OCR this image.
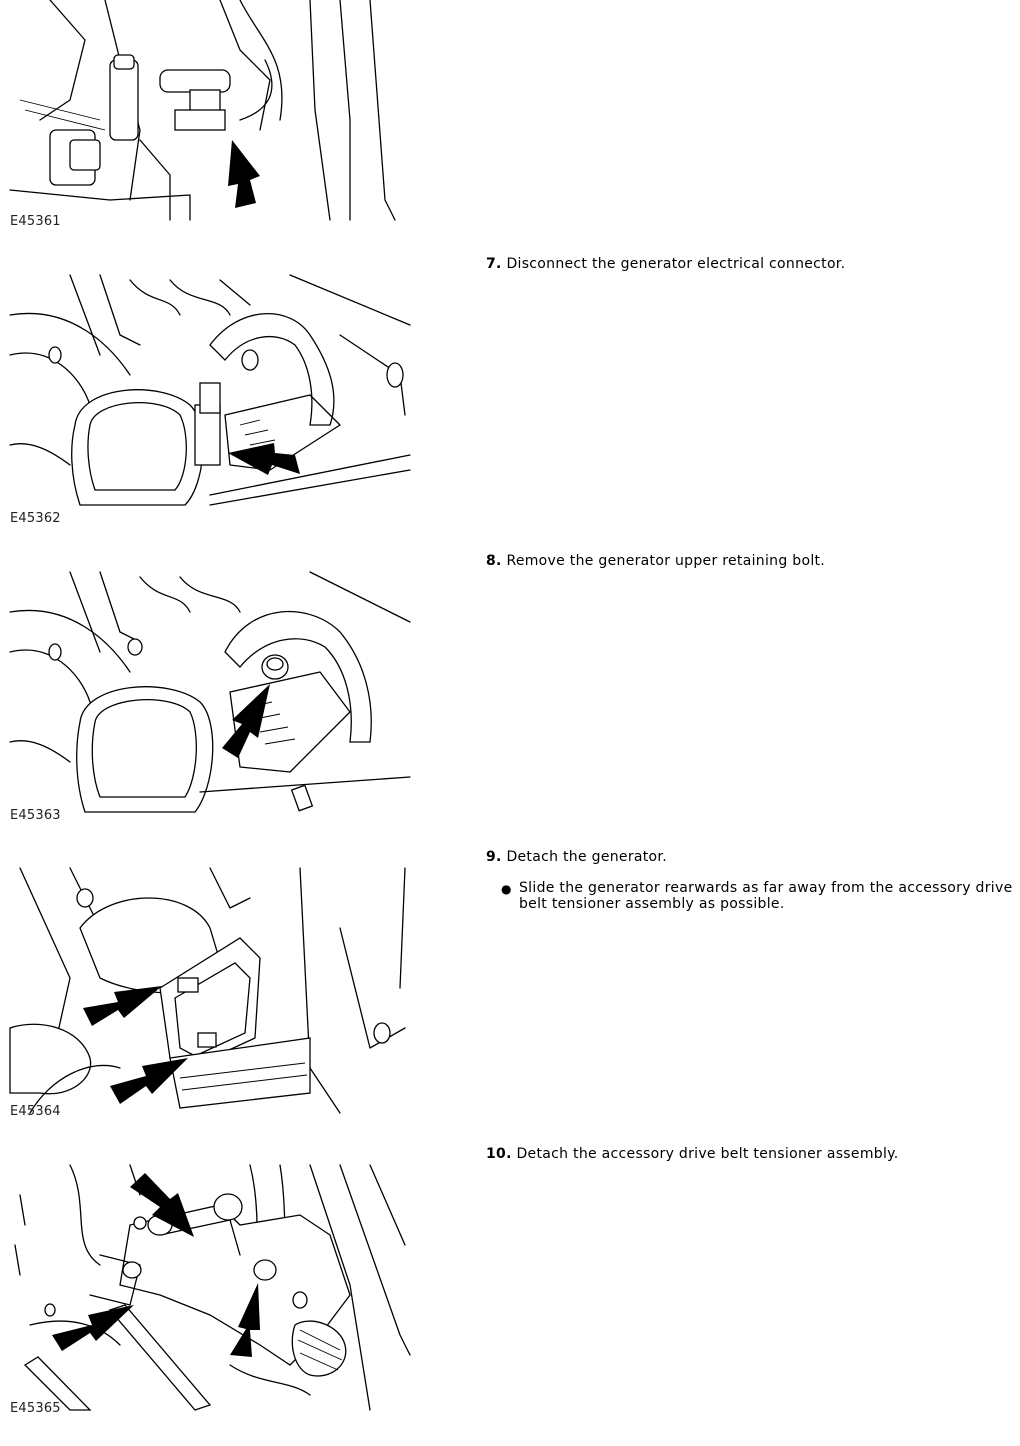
E45361
E45362
E45363
E45364
E45365
7. Disconnect the generator electrical connector.
8. Remove the generator upper retaining bolt.
9. Detach the generator.
● Slide the generator rearwards as far away from the accessory drive belt tensioner assembly as possible.
10. Detach the accessory drive belt tensioner assembly.
